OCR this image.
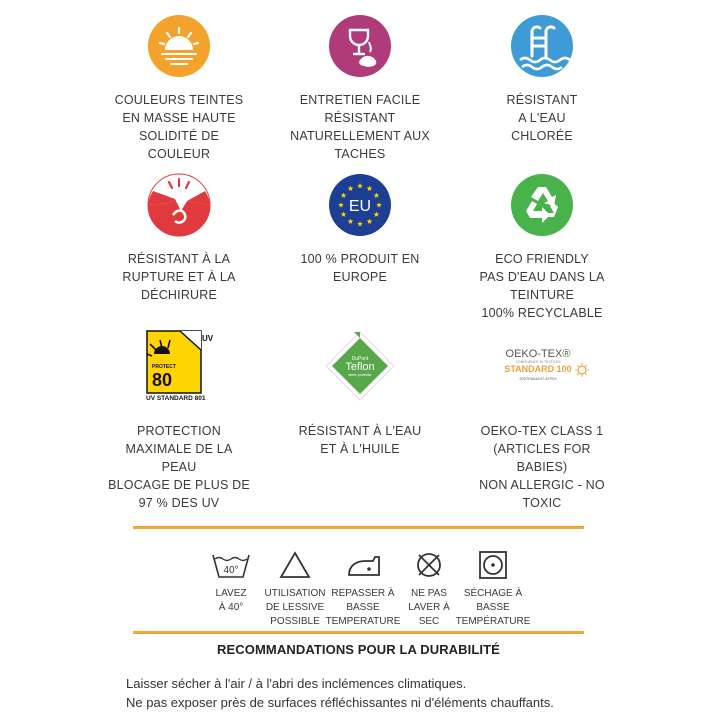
COULEURS TEINTES
EN MASSE HAUTE
SOLIDITÉ DE
COULEUR
ENTRETIEN FACILE
RÉSISTANT
NATURELLEMENT AUX
TACHES
RÉSISTANT
A L'EAU
CHLORÉE
RÉSISTANT À LA
RUPTURE ET À LA
DÉCHIRURE
EU
100 % PRODUIT EN
EUROPE
ECO FRIENDLY
PAS D'EAU DANS LA
TEINTURE
100% RECYCLABLE
UV
PROTECT
80
UV STANDARD 801
PROTECTION
MAXIMALE DE LA
PEAU
BLOCAGE DE PLUS DE
97 % DES UV
DuPont
Teflon
fabric protector
RÉSISTANT À L'EAU
ET À L'HUILE
OEKO-TEX®
CONFIDENCE IN TEXTILES
STANDARD 100
2007FA0424? AITEX
OEKO-TEX CLASS 1
(ARTICLES FOR
BABIES)
NON ALLERGIC - NO
TOXIC
40°
LAVEZ
À 40°
UTILISATION
DE LESSIVE
POSSIBLE
REPASSER À
BASSE
TEMPERATURE
NE PAS
LAVER À
SEC
SÉCHAGE À
BASSE
TEMPÉRATURE
RECOMMANDATIONS POUR LA DURABILITÉ
Laisser sécher à l'air / à l'abri des inclémences climatiques.
Ne pas exposer près de surfaces réfléchissantes ni d'éléments chauffants.
